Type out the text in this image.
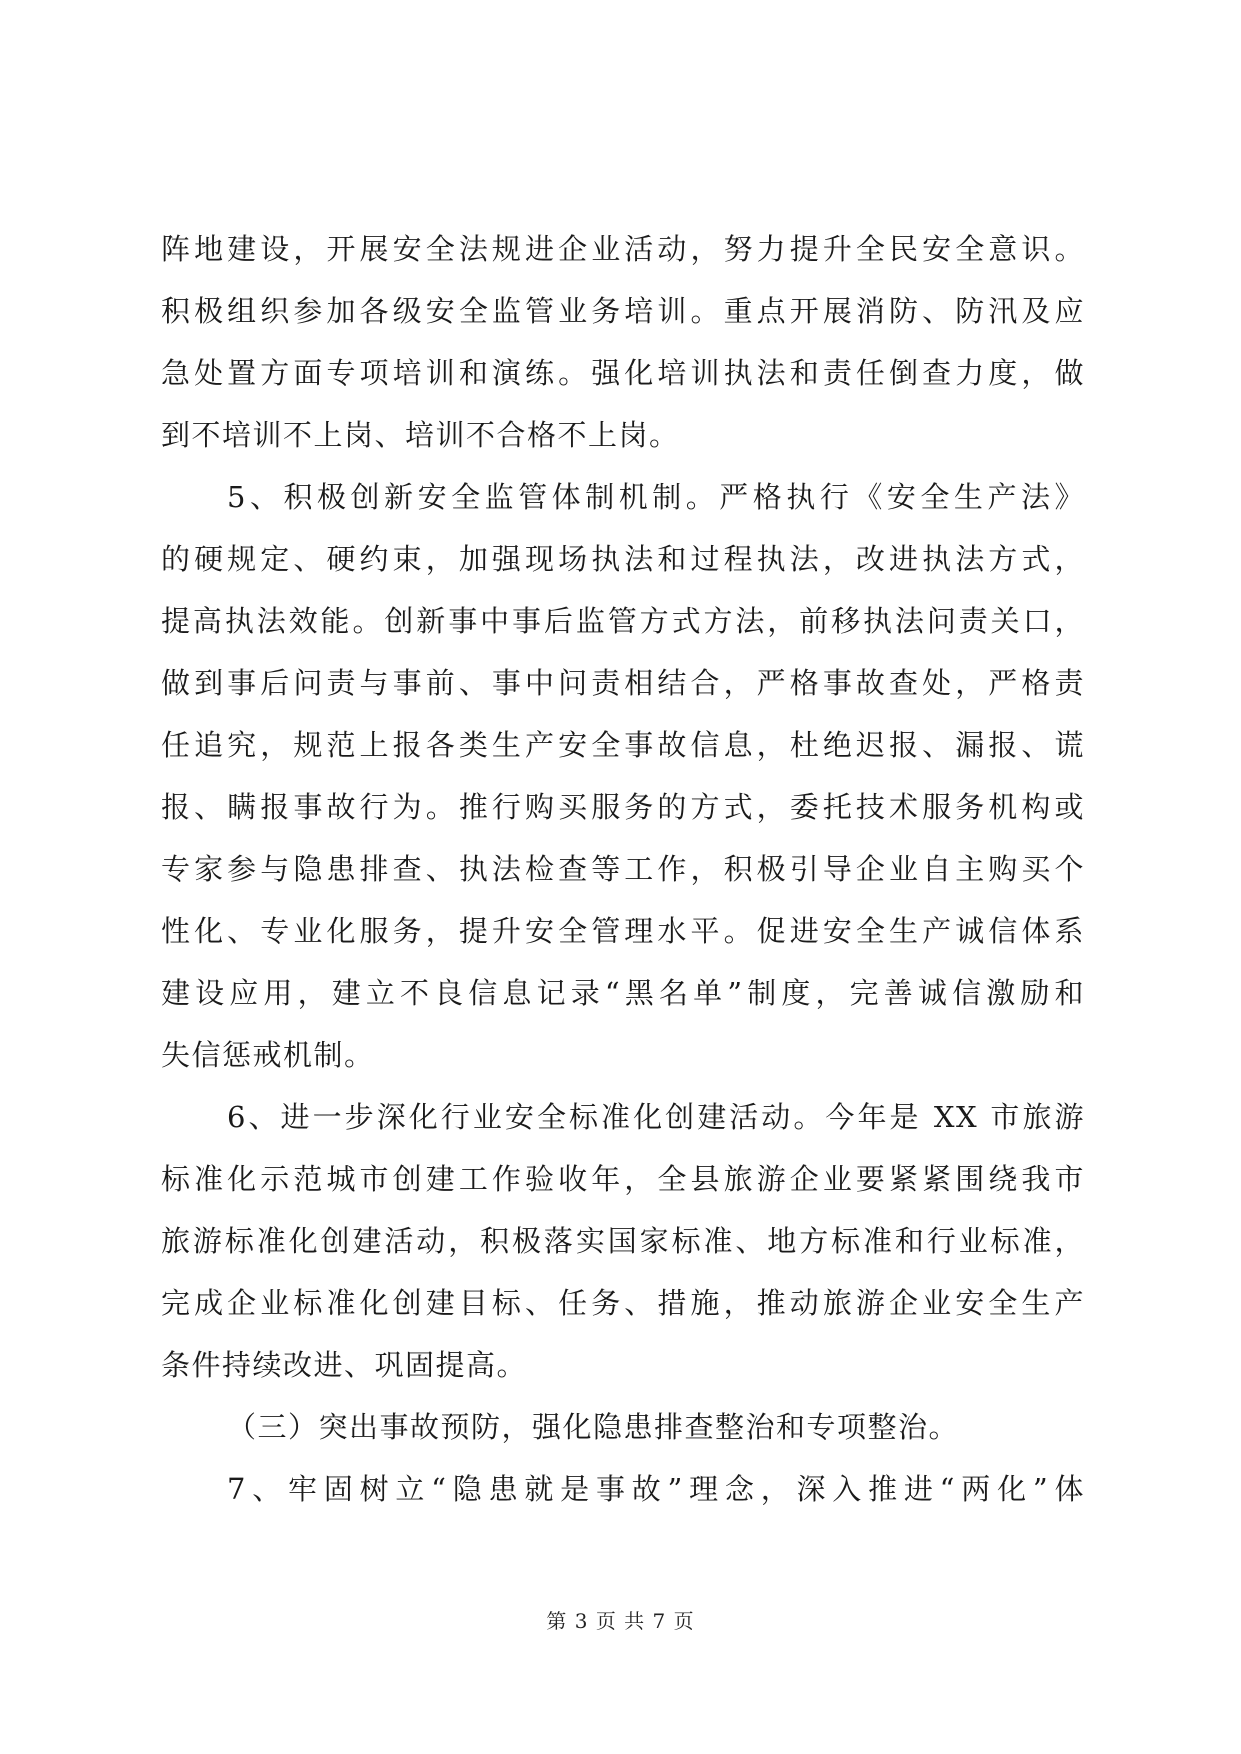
阵地建设，开展安全法规进企业活动，努力提升全民安全意识。
积极组织参加各级安全监管业务培训。重点开展消防、防汛及应
急处置方面专项培训和演练。强化培训执法和责任倒查力度，做
到不培训不上岗、培训不合格不上岗。
5、积极创新安全监管体制机制。严格执行《安全生产法》
的硬规定、硬约束，加强现场执法和过程执法，改进执法方式，
提高执法效能。创新事中事后监管方式方法，前移执法问责关口，
做到事后问责与事前、事中问责相结合，严格事故查处，严格责
任追究，规范上报各类生产安全事故信息，杜绝迟报、漏报、谎
报、瞒报事故行为。推行购买服务的方式，委托技术服务机构或
专家参与隐患排查、执法检查等工作，积极引导企业自主购买个
性化、专业化服务，提升安全管理水平。促进安全生产诚信体系
建设应用，建立不良信息记录“黑名单”制度，完善诚信激励和
失信惩戒机制。
6、进一步深化行业安全标准化创建活动。今年是 XX 市旅游
标准化示范城市创建工作验收年，全县旅游企业要紧紧围绕我市
旅游标准化创建活动，积极落实国家标准、地方标准和行业标准，
完成企业标准化创建目标、任务、措施，推动旅游企业安全生产
条件持续改进、巩固提高。
（三）突出事故预防，强化隐患排查整治和专项整治。
7、牢固树立“隐患就是事故”理念，深入推进“两化”体
第 3 页 共 7 页
